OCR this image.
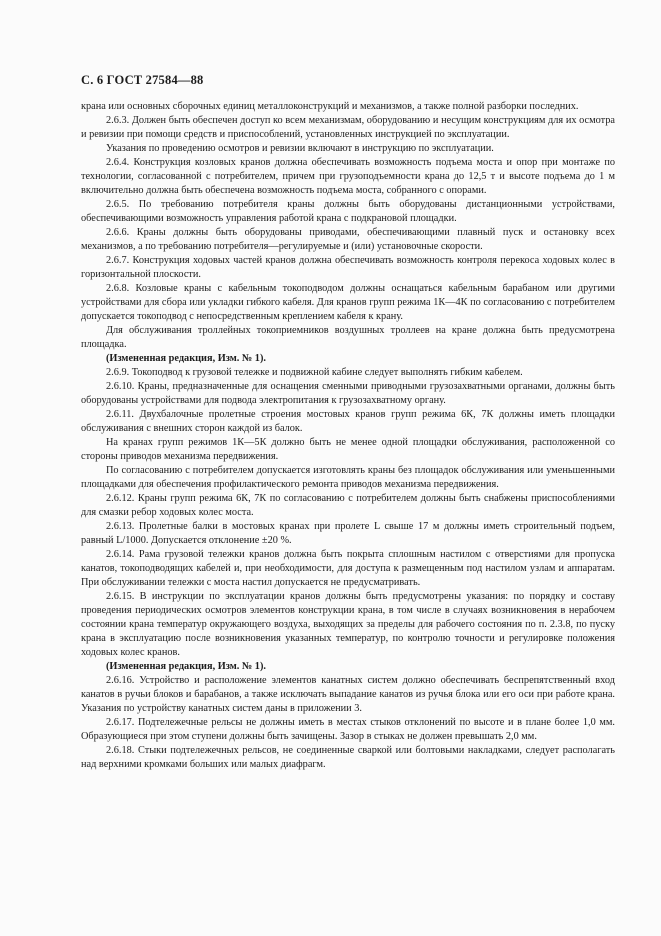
С. 6 ГОСТ 27584—88

крана или основных сборочных единиц металлоконструкций и механизмов, а также полной разборки последних.

2.6.3. Должен быть обеспечен доступ ко всем механизмам, оборудованию и несущим конструкциям для их осмотра и ревизии при помощи средств и приспособлений, установленных инструкцией по эксплуатации.

Указания по проведению осмотров и ревизии включают в инструкцию по эксплуатации.

2.6.4. Конструкция козловых кранов должна обеспечивать возможность подъема моста и опор при монтаже по технологии, согласованной с потребителем, причем при грузоподъемности крана до 12,5 т и высоте подъема до 1 м включительно должна быть обеспечена возможность подъема моста, собранного с опорами.

2.6.5. По требованию потребителя краны должны быть оборудованы дистанционными устройствами, обеспечивающими возможность управления работой крана с подкрановой площадки.

2.6.6. Краны должны быть оборудованы приводами, обеспечивающими плавный пуск и остановку всех механизмов, а по требованию потребителя—регулируемые и (или) установочные скорости.

2.6.7. Конструкция ходовых частей кранов должна обеспечивать возможность контроля перекоса ходовых колес в горизонтальной плоскости.

2.6.8. Козловые краны с кабельным токоподводом должны оснащаться кабельным барабаном или другими устройствами для сбора или укладки гибкого кабеля. Для кранов групп режима 1К—4К по согласованию с потребителем допускается токоподвод с непосредственным креплением кабеля к крану.

Для обслуживания троллейных токоприемников воздушных троллеев на кране должна быть предусмотрена площадка.

(Измененная редакция, Изм. № 1).

2.6.9. Токоподвод к грузовой тележке и подвижной кабине следует выполнять гибким кабелем.

2.6.10. Краны, предназначенные для оснащения сменными приводными грузозахватными органами, должны быть оборудованы устройствами для подвода электропитания к грузозахватному органу.

2.6.11. Двухбалочные пролетные строения мостовых кранов групп режима 6К, 7К должны иметь площадки обслуживания с внешних сторон каждой из балок.

На кранах групп режимов 1К—5К должно быть не менее одной площадки обслуживания, расположенной со стороны приводов механизма передвижения.

По согласованию с потребителем допускается изготовлять краны без площадок обслуживания или уменьшенными площадками для обеспечения профилактического ремонта приводов механизма передвижения.

2.6.12. Краны групп режима 6К, 7К по согласованию с потребителем должны быть снабжены приспособлениями для смазки ребор ходовых колес моста.

2.6.13. Пролетные балки в мостовых кранах при пролете L свыше 17 м должны иметь строительный подъем, равный L/1000. Допускается отклонение ±20 %.

2.6.14. Рама грузовой тележки кранов должна быть покрыта сплошным настилом с отверстиями для пропуска канатов, токоподводящих кабелей и, при необходимости, для доступа к размещенным под настилом узлам и аппаратам. При обслуживании тележки с моста настил допускается не предусматривать.

2.6.15. В инструкции по эксплуатации кранов должны быть предусмотрены указания: по порядку и составу проведения периодических осмотров элементов конструкции крана, в том числе в случаях возникновения в нерабочем состоянии крана температур окружающего воздуха, выходящих за пределы для рабочего состояния по п. 2.3.8, по пуску крана в эксплуатацию после возникновения указанных температур, по контролю точности и регулировке положения ходовых колес кранов.

(Измененная редакция, Изм. № 1).

2.6.16. Устройство и расположение элементов канатных систем должно обеспечивать беспрепятственный вход канатов в ручьи блоков и барабанов, а также исключать выпадание канатов из ручья блока или его оси при работе крана. Указания по устройству канатных систем даны в приложении 3.

2.6.17. Подтележечные рельсы не должны иметь в местах стыков отклонений по высоте и в плане более 1,0 мм. Образующиеся при этом ступени должны быть зачищены. Зазор в стыках не должен превышать 2,0 мм.

2.6.18. Стыки подтележечных рельсов, не соединенные сваркой или болтовыми накладками, следует располагать над верхними кромками больших или малых диафрагм.
